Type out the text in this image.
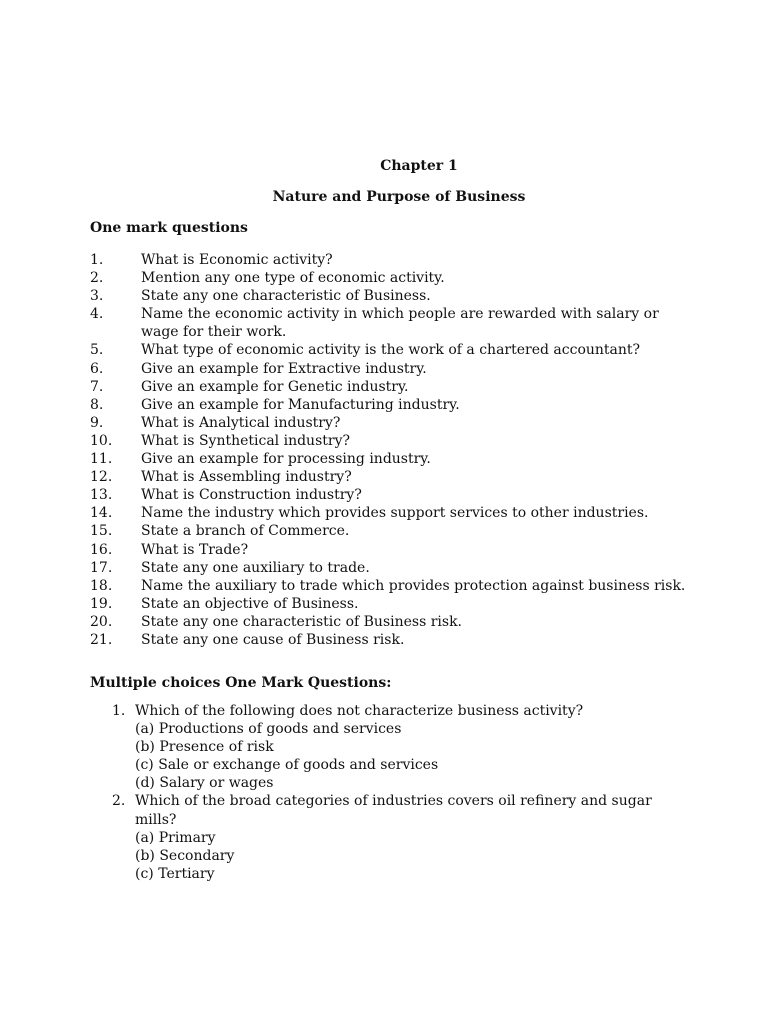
Chapter 1
Nature and Purpose of Business
One mark questions
1.	What is Economic activity?
2.	Mention any one type of economic activity.
3.	State any one characteristic of Business.
4.	Name the economic activity in which people are rewarded with salary or wage for their work.
5.	What type of economic activity is the work of a chartered accountant?
6.	Give an example for Extractive industry.
7.	Give an example for Genetic industry.
8.	Give an example for Manufacturing industry.
9.	What is Analytical industry?
10.	What is Synthetical industry?
11.	Give an example for processing industry.
12.	What is Assembling industry?
13.	What is Construction industry?
14.	Name the industry which provides support services to other industries.
15.	State a branch of Commerce.
16.	What is Trade?
17.	State any one auxiliary to trade.
18.	Name the auxiliary to trade which provides protection against business risk.
19.	State an objective of Business.
20.	State any one characteristic of Business risk.
21.	State any one cause of Business risk.
Multiple choices One Mark Questions:
1. Which of the following does not characterize business activity?
(a) Productions of goods and services
(b) Presence of risk
(c) Sale or exchange of goods and services
(d) Salary or wages
2. Which of the broad categories of industries covers oil refinery and sugar mills?
(a) Primary
(b) Secondary
(c) Tertiary
